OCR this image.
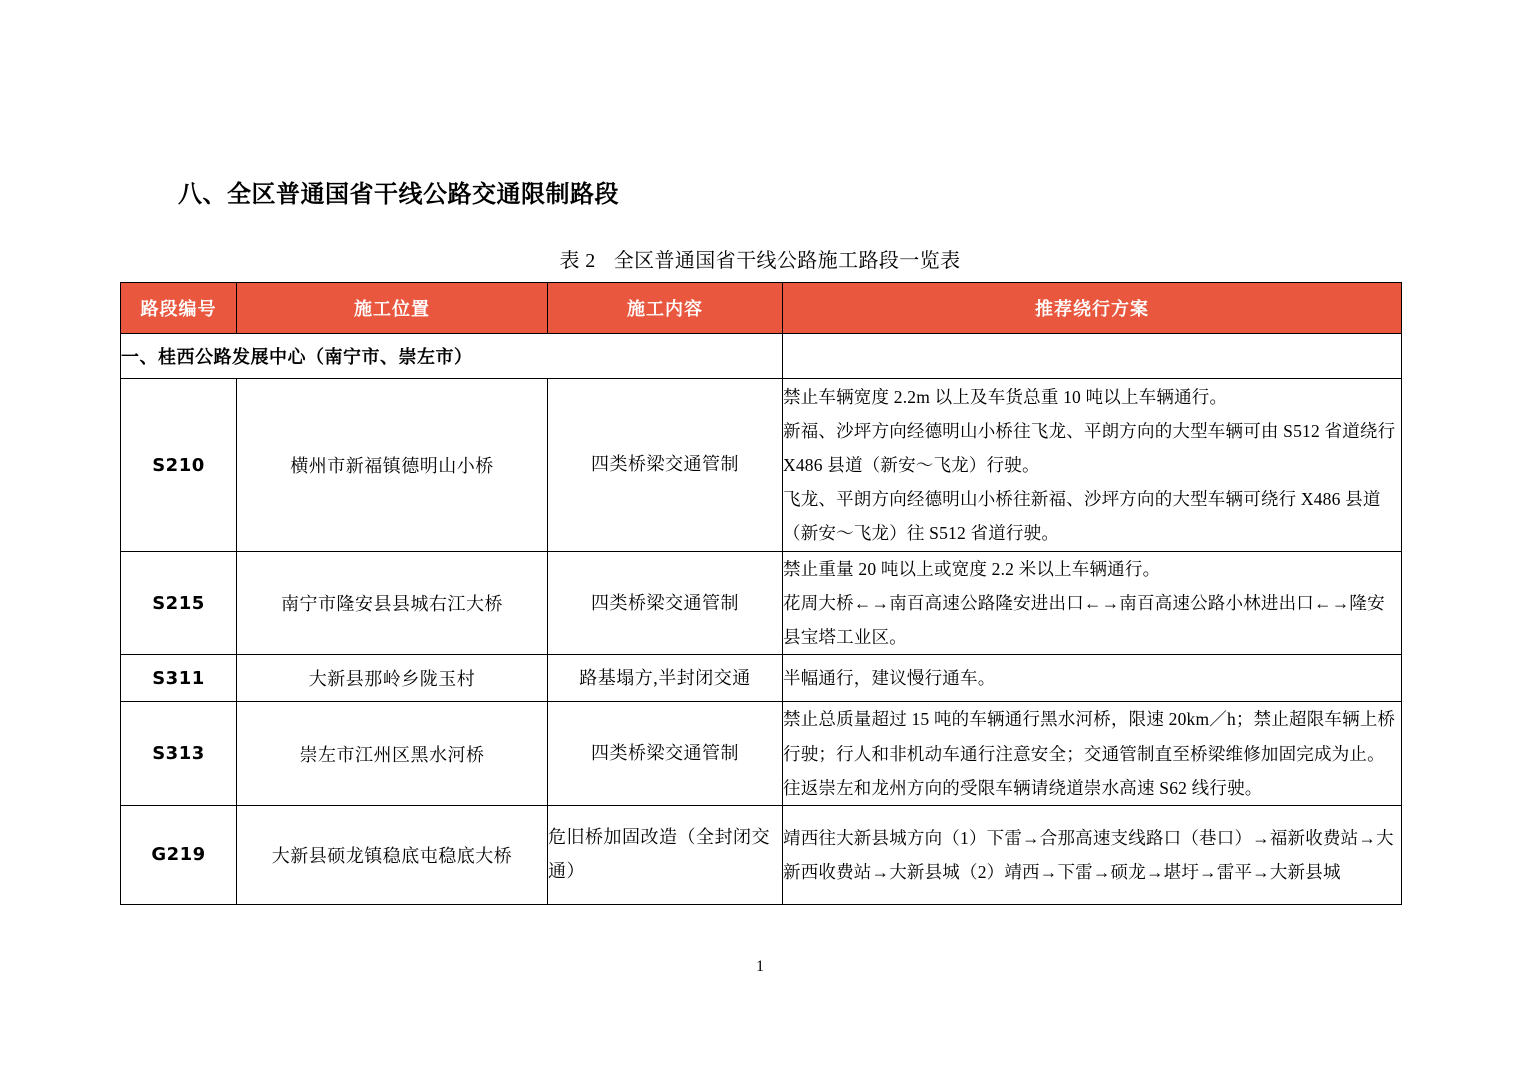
八、全区普通国省干线公路交通限制路段
表 2 全区普通国省干线公路施工路段一览表
路段编号	施工位置	施工内容	推荐绕行方案
一、桂西公路发展中心（南宁市、崇左市）			
S210	横州市新福镇德明山小桥	四类桥梁交通管制	禁止车辆宽度 2.2m 以上及车货总重 10 吨以上车辆通行。

新福、沙坪方向经德明山小桥往飞龙、平朗方向的大型车辆可由 S512 省道绕行 X486 县道（新安～飞龙）行驶。

飞龙、平朗方向经德明山小桥往新福、沙坪方向的大型车辆可绕行 X486 县道（新安～飞龙）往 S512 省道行驶。

S215	南宁市隆安县县城右江大桥	四类桥梁交通管制	禁止重量 20 吨以上或宽度 2.2 米以上车辆通行。

花周大桥←→南百高速公路隆安进出口←→南百高速公路小林进出口←→隆安县宝塔工业区。

S311	大新县那岭乡陇玉村	路基塌方,半封闭交通	半幅通行，建议慢行通车。

S313	崇左市江州区黑水河桥	四类桥梁交通管制	禁止总质量超过 15 吨的车辆通行黑水河桥，限速 20km／h；禁止超限车辆上桥行驶；行人和非机动车通行注意安全；交通管制直至桥梁维修加固完成为止。往返崇左和龙州方向的受限车辆请绕道崇水高速 S62 线行驶。

G219	大新县硕龙镇稳底屯稳底大桥	危旧桥加固改造（全封闭交通）	靖西往大新县城方向（1）下雷→合那高速支线路口（巷口）→福新收费站→大新西收费站→大新县城（2）靖西→下雷→硕龙→堪圩→雷平→大新县城

1
